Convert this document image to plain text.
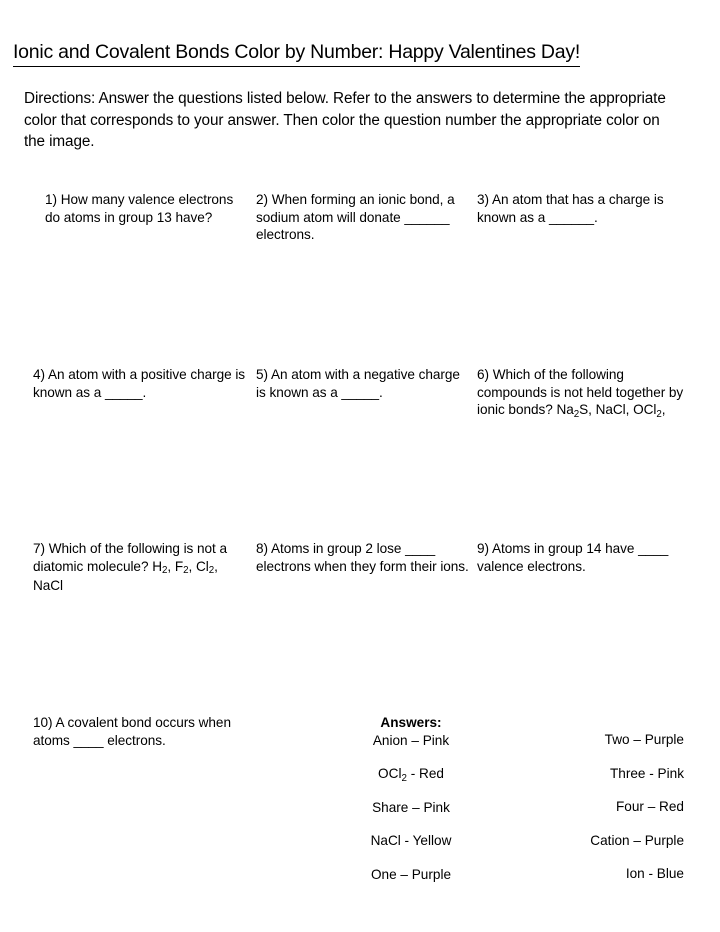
Ionic and Covalent Bonds Color by Number: Happy Valentines Day!
Directions: Answer the questions listed below. Refer to the answers to determine the appropriate color that corresponds to your answer. Then color the question number the appropriate color on the image.
1) How many valence electrons do atoms in group 13 have?
2) When forming an ionic bond, a sodium atom will donate ______ electrons.
3) An atom that has a charge is known as a ______.
4) An atom with a positive charge is known as a _____.
5) An atom with a negative charge is known as a _____.
6) Which of the following compounds is not held together by ionic bonds? $Na_2S$, NaCl, OCl$_2$,
7) Which of the following is not a diatomic molecule? $H_2$, $F_2$, $Cl_2$, NaCl
8) Atoms in group 2 lose ____ electrons when they form their ions.
9) Atoms in group 14 have ____ valence electrons.
10) A covalent bond occurs when atoms ____ electrons.
Answers:
Anion – Pink
OCl$_2$ - Red
Share – Pink
NaCl - Yellow
One – Purple
Two – Purple
Three - Pink
Four – Red
Cation – Purple
Ion - Blue
